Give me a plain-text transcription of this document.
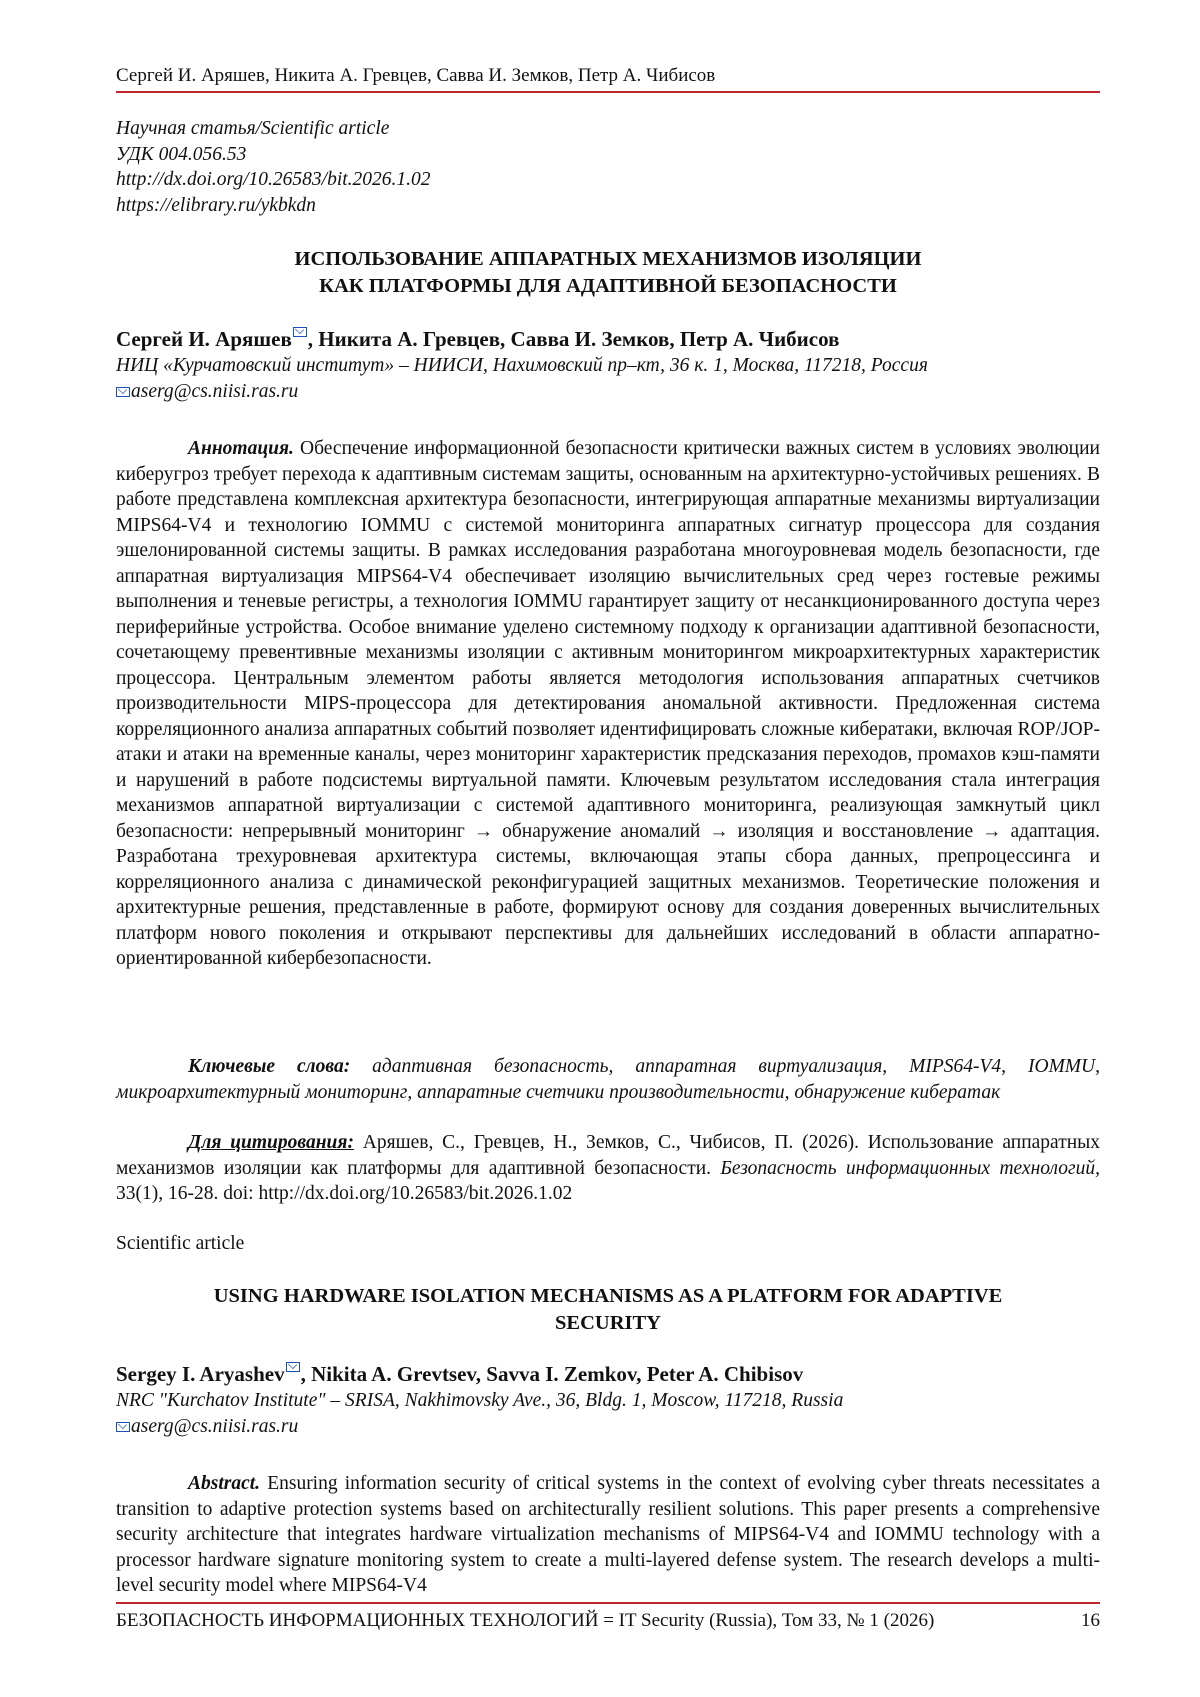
Сергей И. Аряшев, Никита А. Гревцев, Савва И. Земков, Петр А. Чибисов
Научная статья/Scientific article
УДК 004.056.53
http://dx.doi.org/10.26583/bit.2026.1.02
https://elibrary.ru/ykbkdn
ИСПОЛЬЗОВАНИЕ АППАРАТНЫХ МЕХАНИЗМОВ ИЗОЛЯЦИИ
КАК ПЛАТФОРМЫ ДЛЯ АДАПТИВНОЙ БЕЗОПАСНОСТИ
Сергей И. Аряшев , Никита А. Гревцев, Савва И. Земков, Петр А. Чибисов
НИЦ «Курчатовский институт» – НИИСИ, Нахимовский пр–кт, 36 к. 1, Москва, 117218, Россия
aserg@cs.niisi.ras.ru

Аннотация. Обеспечение информационной безопасности критически важных систем в условиях эволюции киберугроз требует перехода к адаптивным системам защиты, основанным на архитектурно-устойчивых решениях. В работе представлена комплексная архитектура безопасности, интегрирующая аппаратные механизмы виртуализации MIPS64-V4 и технологию IOMMU с системой мониторинга аппаратных сигнатур процессора для создания эшелонированной системы защиты. В рамках исследования разработана многоуровневая модель безопасности, где аппаратная виртуализация MIPS64-V4 обеспечивает изоляцию вычислительных сред через гостевые режимы выполнения и теневые регистры, а технология IOMMU гарантирует защиту от несанкционированного доступа через периферийные устройства. Особое внимание уделено системному подходу к организации адаптивной безопасности, сочетающему превентивные механизмы изоляции с активным мониторингом микроархитектурных характеристик процессора. Центральным элементом работы является методология использования аппаратных счетчиков производительности MIPS-процессора для детектирования аномальной активности. Предложенная система корреляционного анализа аппаратных событий позволяет идентифицировать сложные кибератаки, включая ROP/JOP-атаки и атаки на временные каналы, через мониторинг характеристик предсказания переходов, промахов кэш-памяти и нарушений в работе подсистемы виртуальной памяти. Ключевым результатом исследования стала интеграция механизмов аппаратной виртуализации с системой адаптивного мониторинга, реализующая замкнутый цикл безопасности: непрерывный мониторинг → обнаружение аномалий → изоляция и восстановление → адаптация. Разработана трехуровневая архитектура системы, включающая этапы сбора данных, препроцессинга и корреляционного анализа с динамической реконфигурацией защитных механизмов. Теоретические положения и архитектурные решения, представленные в работе, формируют основу для создания доверенных вычислительных платформ нового поколения и открывают перспективы для дальнейших исследований в области аппаратно-ориентированной кибербезопасности.

Ключевые слова: адаптивная безопасность, аппаратная виртуализация, MIPS64-V4, IOMMU, микроархитектурный мониторинг, аппаратные счетчики производительности, обнаружение кибератак

Для цитирования: Аряшев, С., Гревцев, Н., Земков, С., Чибисов, П. (2026). Использование аппаратных механизмов изоляции как платформы для адаптивной безопасности. Безопасность информационных технологий, 33(1), 16-28. doi: http://dx.doi.org/10.26583/bit.2026.1.02

Scientific article
USING HARDWARE ISOLATION MECHANISMS AS A PLATFORM FOR ADAPTIVE
SECURITY
Sergey I. Aryashev , Nikita A. Grevtsev, Savva I. Zemkov, Peter A. Chibisov
NRC "Kurchatov Institute" – SRISA, Nakhimovsky Ave., 36, Bldg. 1, Moscow, 117218, Russia
aserg@cs.niisi.ras.ru

Abstract. Ensuring information security of critical systems in the context of evolving cyber threats necessitates a transition to adaptive protection systems based on architecturally resilient solutions. This paper presents a comprehensive security architecture that integrates hardware virtualization mechanisms of MIPS64-V4 and IOMMU technology with a processor hardware signature monitoring system to create a multi-layered defense system. The research develops a multi-level security model where MIPS64-V4

БЕЗОПАСНОСТЬ ИНФОРМАЦИОННЫХ ТЕХНОЛОГИЙ = IT Security (Russia), Том 33, № 1 (2026)	16
